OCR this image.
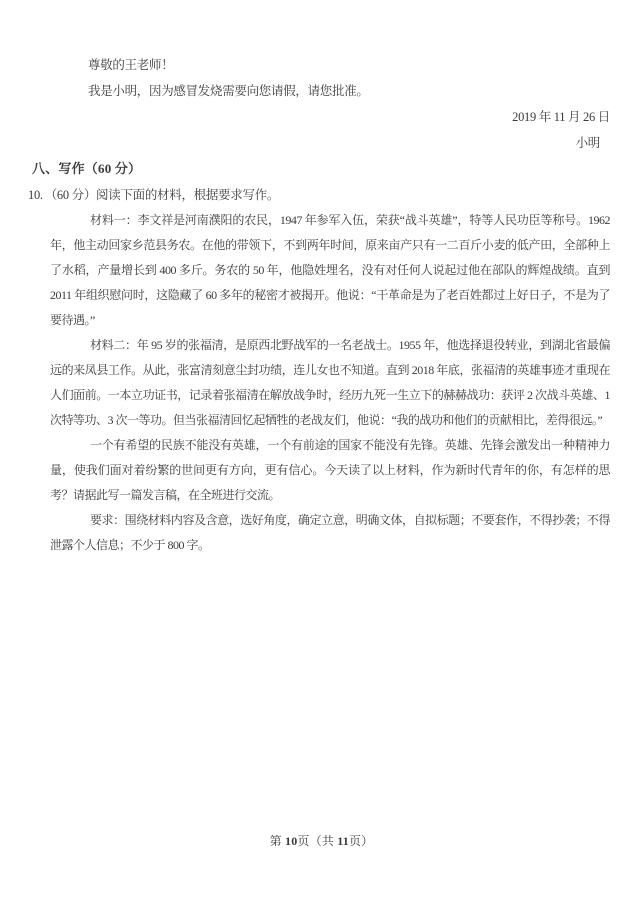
尊敬的王老师！
我是小明，因为感冒发烧需要向您请假，请您批准。
2019 年 11 月 26 日
小明
八、写作（60 分）
10. （60 分）阅读下面的材料，根据要求写作。

材料一：李文祥是河南濮阳的农民，1947 年参军入伍，荣获“战斗英雄”，特等人民功臣等称号。1962 年，他主动回家乡范县务农。在他的带领下，不到两年时间，原来亩产只有一二百斤小麦的低产田，全部种上了水稻，产量增长到 400 多斤。务农的 50 年，他隐姓埋名，没有对任何人说起过他在部队的辉煌战绩。直到 2011 年组织慰问时，这隐藏了 60 多年的秘密才被揭开。他说：“干革命是为了老百姓都过上好日子，不是为了要待遇。”

材料二：年 95 岁的张福清，是原西北野战军的一名老战士。1955 年，他选择退役转业，到湖北省最偏远的来凤县工作。从此，张富清刻意尘封功绩，连儿女也不知道。直到 2018 年底，张福清的英雄事迹才重现在人们面前。一本立功证书，记录着张福清在解放战争时，经历九死一生立下的赫赫战功：获评 2 次战斗英雄、1 次特等功、3 次一等功。但当张福清回忆起牺牲的老战友们，他说：“我的战功和他们的贡献相比，差得很远。”

一个有希望的民族不能没有英雄，一个有前途的国家不能没有先锋。英雄、先锋会激发出一种精神力量，使我们面对着纷繁的世间更有方向，更有信心。今天读了以上材料，作为新时代青年的你，有怎样的思考？请据此写一篇发言稿，在全班进行交流。

要求：围绕材料内容及含意，选好角度，确定立意，明确文体，自拟标题；不要套作，不得抄袭；不得泄露个人信息；不少于 800 字。

第 10页（共 11页）
